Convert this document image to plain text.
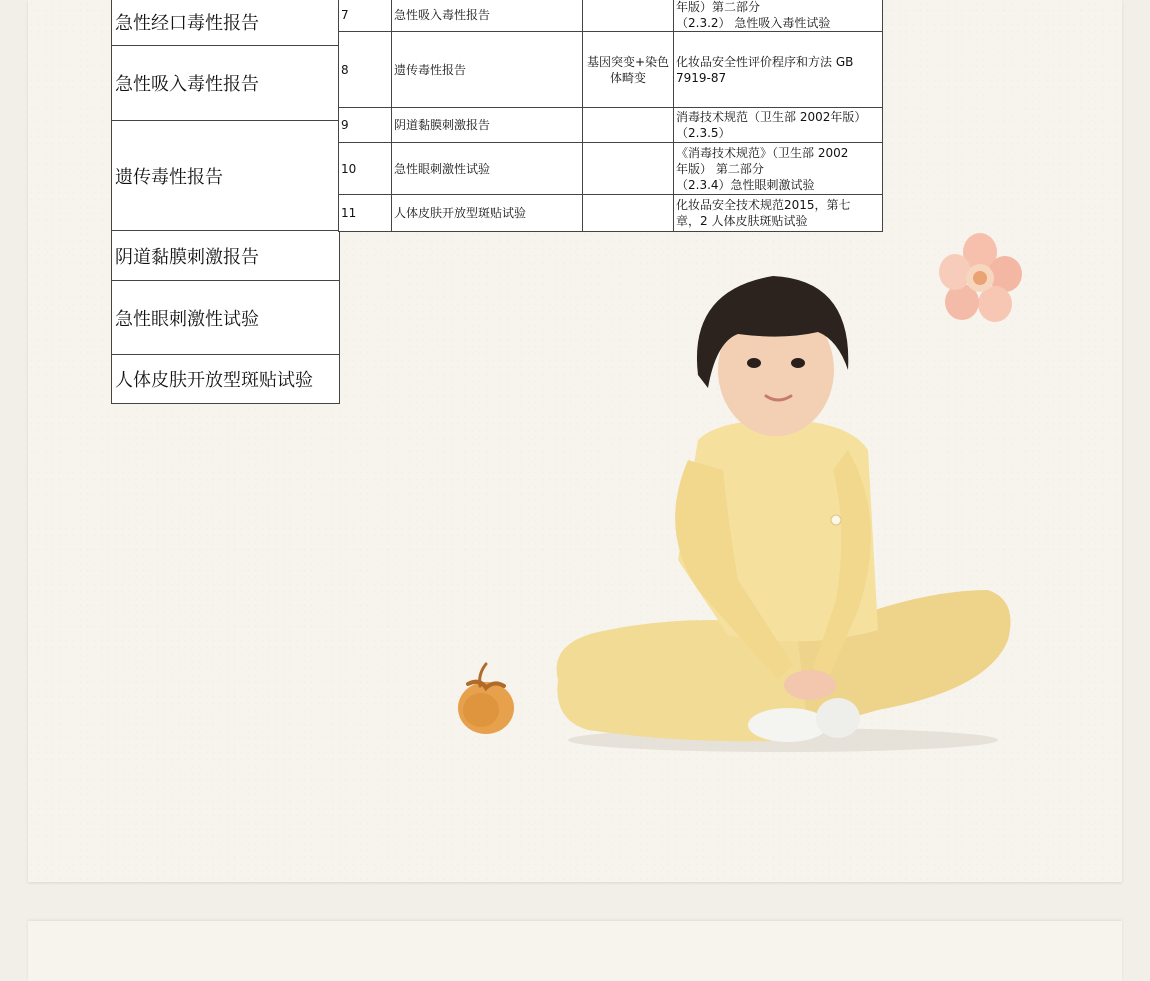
急性经口毒性报告
急性吸入毒性报告
遗传毒性报告
阴道黏膜刺激报告
急性眼刺激性试验
人体皮肤开放型斑贴试验
7	急性吸入毒性报告		年版）第二部分
（2.3.2） 急性吸入毒性试验

8	遗传毒性报告	基因突变+染色体畸变	化妆品安全性评价程序和方法 GB
7919-87

9	阴道黏膜刺激报告		消毒技术规范（卫生部 2002年版）
（2.3.5）

10	急性眼刺激性试验		《消毒技术规范》（卫生部 2002
年版） 第二部分
（2.3.4）急性眼刺激试验

11	人体皮肤开放型斑贴试验		化妆品安全技术规范2015，第七
章，2 人体皮肤斑贴试验
